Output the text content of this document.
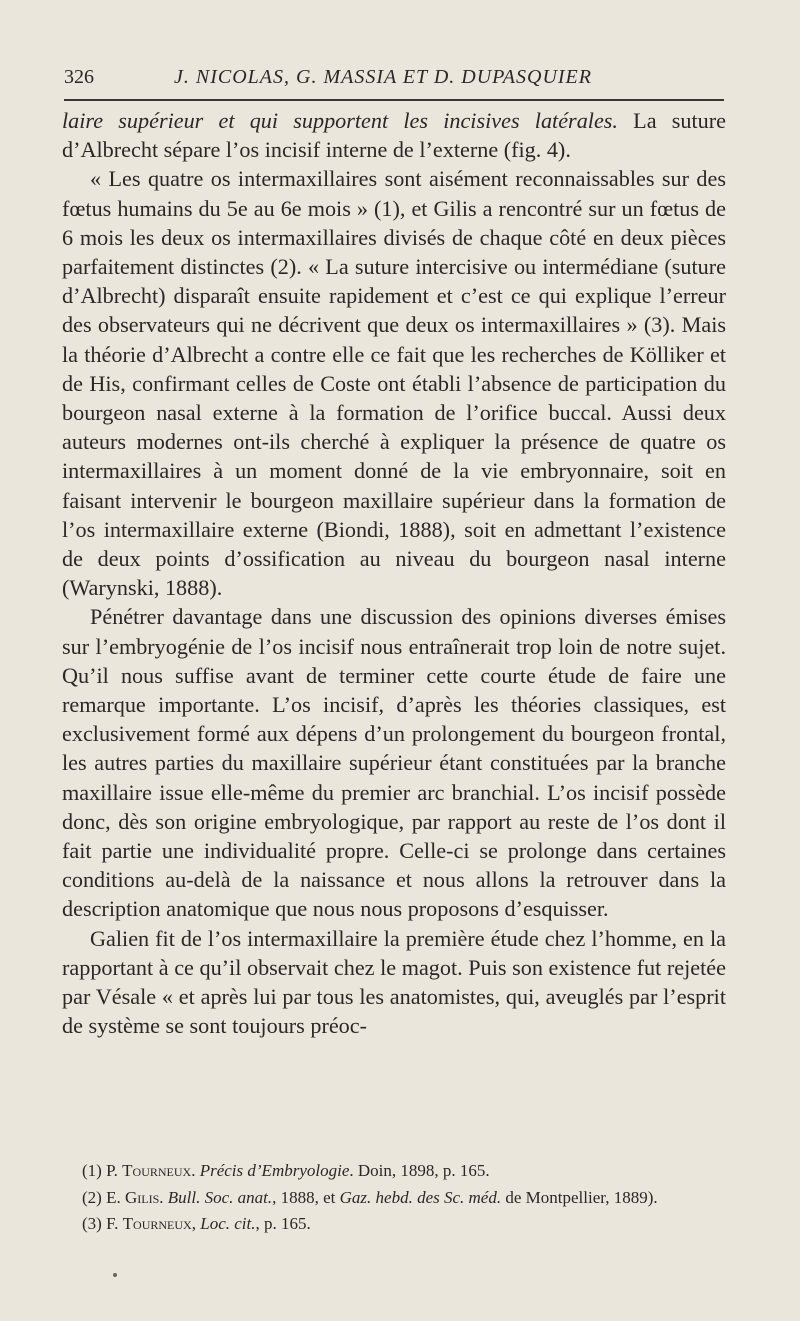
326	J. NICOLAS, G. MASSIA ET D. DUPASQUIER

laire supérieur et qui supportent les incisives latérales. La suture d’Albrecht sépare l’os incisif interne de l’externe (fig. 4).

« Les quatre os intermaxillaires sont aisément reconnaissables sur des fœtus humains du 5e au 6e mois » (1), et Gilis a rencontré sur un fœtus de 6 mois les deux os intermaxillaires divisés de chaque côté en deux pièces parfaitement distinctes (2). « La suture intercisive ou intermédiane (suture d’Albrecht) disparaît ensuite rapidement et c’est ce qui explique l’erreur des observateurs qui ne décrivent que deux os intermaxillaires » (3). Mais la théorie d’Albrecht a contre elle ce fait que les recherches de Kölliker et de His, confirmant celles de Coste ont établi l’absence de participation du bourgeon nasal externe à la formation de l’orifice buccal. Aussi deux auteurs modernes ont-ils cherché à expliquer la présence de quatre os intermaxillaires à un moment donné de la vie embryonnaire, soit en faisant intervenir le bourgeon maxillaire supérieur dans la formation de l’os intermaxillaire externe (Biondi, 1888), soit en admettant l’existence de deux points d’ossification au niveau du bourgeon nasal interne (Warynski, 1888).

Pénétrer davantage dans une discussion des opinions diverses émises sur l’embryogénie de l’os incisif nous entraînerait trop loin de notre sujet. Qu’il nous suffise avant de terminer cette courte étude de faire une remarque importante. L’os incisif, d’après les théories classiques, est exclusivement formé aux dépens d’un prolongement du bourgeon frontal, les autres parties du maxillaire supérieur étant constituées par la branche maxillaire issue elle-même du premier arc branchial. L’os incisif possède donc, dès son origine embryologique, par rapport au reste de l’os dont il fait partie une individualité propre. Celle-ci se prolonge dans certaines conditions au-delà de la naissance et nous allons la retrouver dans la description anatomique que nous nous proposons d’esquisser.

Galien fit de l’os intermaxillaire la première étude chez l’homme, en la rapportant à ce qu’il observait chez le magot. Puis son existence fut rejetée par Vésale « et après lui par tous les anatomistes, qui, aveuglés par l’esprit de système se sont toujours préoc-

(1) P. Tourneux. Précis d’Embryologie. Doin, 1898, p. 165.

(2) E. Gilis. Bull. Soc. anat., 1888, et Gaz. hebd. des Sc. méd. de Montpellier, 1889).

(3) F. Tourneux, Loc. cit., p. 165.
